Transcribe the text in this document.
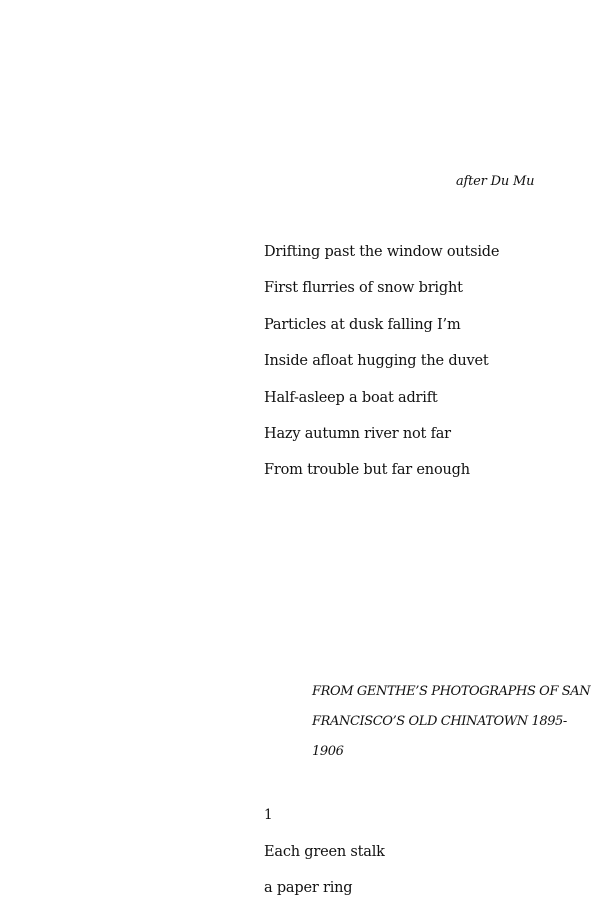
after Du Mu
Drifting past the window outside
First flurries of snow bright
Particles at dusk falling I’m
Inside afloat hugging the duvet
Half-asleep a boat adrift
Hazy autumn river not far
From trouble but far enough
FROM GENTHE’S PHOTOGRAPHS OF SAN
FRANCISCO’S OLD CHINATOWN 1895-
1906
1
Each green stalk
a paper ring
